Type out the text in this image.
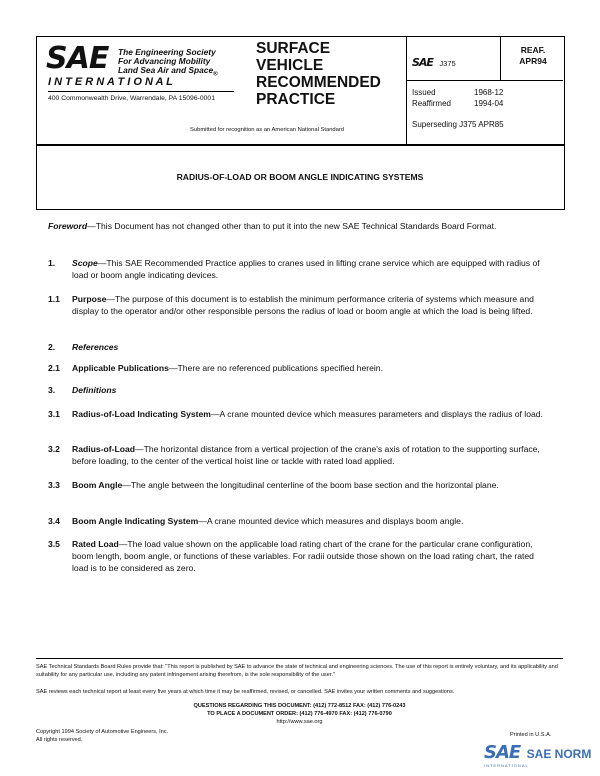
SAE The Engineering Society
For Advancing Mobility
Land Sea Air and Space$_®$
I N T E R N A T I O N A L
400 Commonwealth Drive, Warrendale, PA 15096-0001
SURFACE
VEHICLE
RECOMMENDED
PRACTICE
Submitted for recognition as an American National Standard
SAE J375
REAF.
APR94
Issued	1968-12
Reaffirmed	1994-04
Superseding J375 APR85
RADIUS-OF-LOAD OR BOOM ANGLE INDICATING SYSTEMS
Foreword—This Document has not changed other than to put it into the new SAE Technical Standards Board Format.
1. Scope—This SAE Recommended Practice applies to cranes used in lifting crane service which are equipped with radius of load or boom angle indicating devices.
1.1 Purpose—The purpose of this document is to establish the minimum performance criteria of systems which measure and display to the operator and/or other responsible persons the radius of load or boom angle at which the load is being lifted.
2. References
2.1 Applicable Publications—There are no referenced publications specified herein.
3. Definitions
3.1 Radius-of-Load Indicating System—A crane mounted device which measures parameters and displays the radius of load.
3.2 Radius-of-Load—The horizontal distance from a vertical projection of the crane's axis of rotation to the supporting surface, before loading, to the center of the vertical hoist line or tackle with rated load applied.
3.3 Boom Angle—The angle between the longitudinal centerline of the boom base section and the horizontal plane.
3.4 Boom Angle Indicating System—A crane mounted device which measures and displays boom angle.
3.5 Rated Load—The load value shown on the applicable load rating chart of the crane for the particular crane configuration, boom length, boom angle, or functions of these variables. For radii outside those shown on the load rating chart, the rated load is to be considered as zero.
SAE Technical Standards Board Rules provide that: "This report is published by SAE to advance the state of technical and engineering sciences. The use of this report is entirely voluntary, and its applicability and suitability for any particular use, including any patent infringement arising therefrom, is the sole responsibility of the user."
SAE reviews each technical report at least every five years at which time it may be reaffirmed, revised, or cancelled. SAE invites your written comments and suggestions.
QUESTIONS REGARDING THIS DOCUMENT: (412) 772-8512 FAX: (412) 776-0243
TO PLACE A DOCUMENT ORDER: (412) 776-4970 FAX: (412) 776-0790
http://www.sae.org
Copyright 1994 Society of Automotive Engineers, Inc.
All rights reserved.
Printed in U.S.A.
SAE SAE NORM
INTERNATIONAL
